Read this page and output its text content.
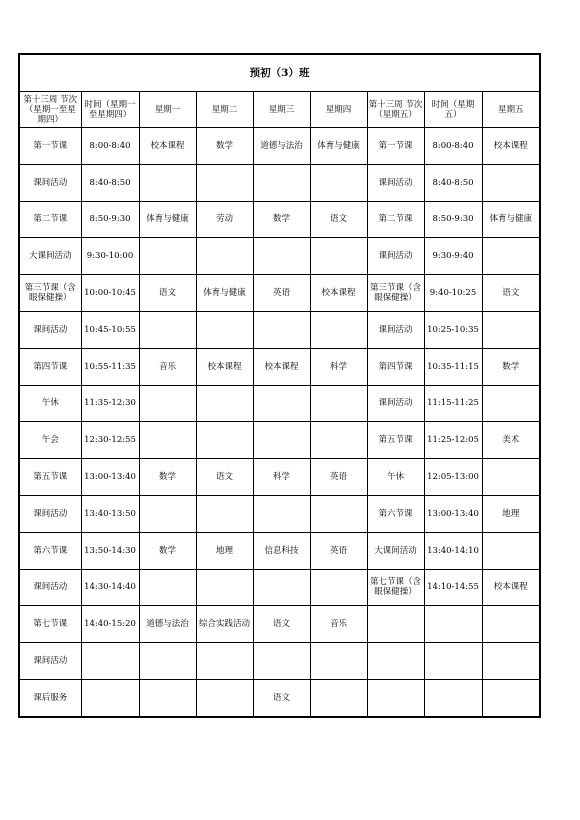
预初（3）班								
第十三周 节次（星期一至星期四）	时间（星期一至星期四）	星期一	星期二	星期三	星期四	第十三周 节次（星期五）	时间（星期五）	星期五
第一节课	8:00-8:40	校本课程	数学	道德与法治	体育与健康	第一节课	8:00-8:40	校本课程
课间活动	8:40-8:50					课间活动	8:40-8:50	
第二节课	8:50-9:30	体育与健康	劳动	数学	语文	第二节课	8:50-9:30	体育与健康
大课间活动	9:30-10:00					课间活动	9:30-9:40	
第三节课（含眼保健操）	10:00-10:45	语文	体育与健康	英语	校本课程	第三节课（含眼保健操）	9:40-10:25	语文
课间活动	10:45-10:55					课间活动	10:25-10:35	
第四节课	10:55-11:35	音乐	校本课程	校本课程	科学	第四节课	10:35-11:15	数学
午休	11:35-12:30					课间活动	11:15-11:25	
午会	12:30-12:55					第五节课	11:25-12:05	美术
第五节课	13:00-13:40	数学	语文	科学	英语	午休	12:05-13:00	
课间活动	13:40-13:50					第六节课	13:00-13:40	地理
第六节课	13:50-14:30	数学	地理	信息科技	英语	大课间活动	13:40-14:10	
课间活动	14:30-14:40					第七节课（含眼保健操）	14:10-14:55	校本课程
第七节课	14:40-15:20	道德与法治	综合实践活动	语文	音乐			
课间活动								
课后服务				语文				
